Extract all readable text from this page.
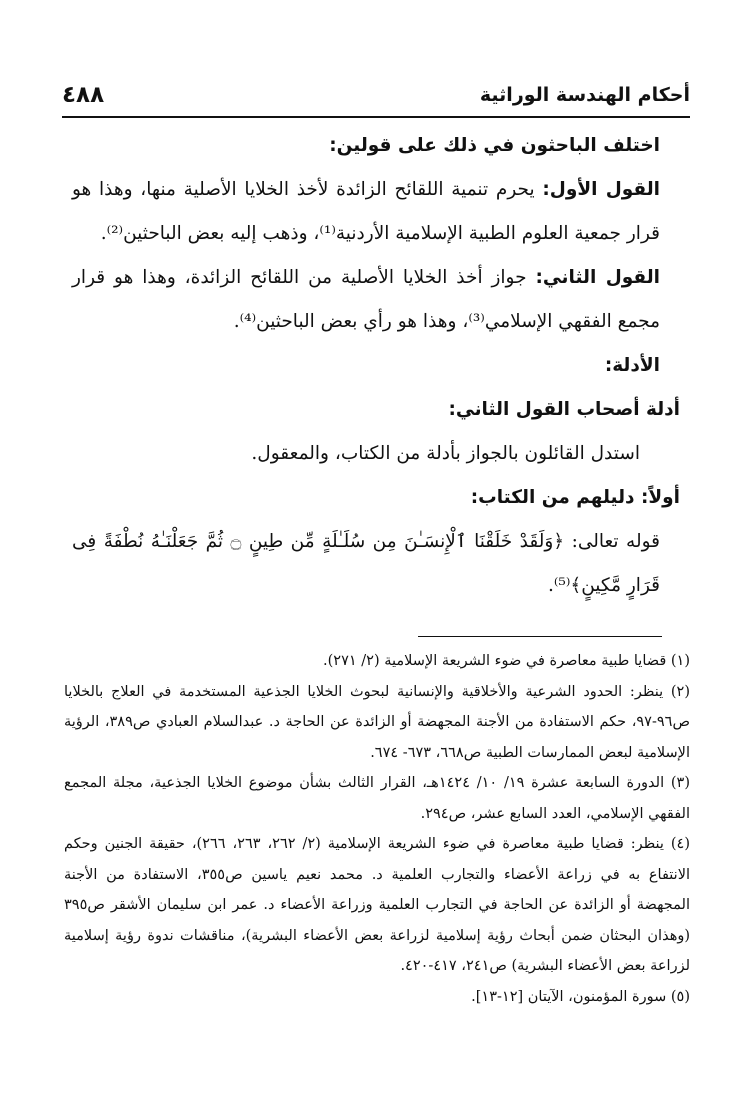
أحكام الهندسة الوراثية
٤٨٨

اختلف الباحثون في ذلك على قولين:

القول الأول: يحرم تنمية اللقائح الزائدة لأخذ الخلايا الأصلية منها، وهذا هو قرار جمعية العلوم الطبية الإسلامية الأردنية⁽¹⁾، وذهب إليه بعض الباحثين⁽²⁾.

القول الثاني: جواز أخذ الخلايا الأصلية من اللقائح الزائدة، وهذا هو قرار مجمع الفقهي الإسلامي⁽³⁾، وهذا هو رأي بعض الباحثين⁽⁴⁾.

الأدلة:

أدلة أصحاب القول الثاني:

استدل القائلون بالجواز بأدلة من الكتاب، والمعقول.

أولاً: دليلهم من الكتاب:

قوله تعالى: ﴿وَلَقَدْ خَلَقْنَا ٱلْإِنسَـٰنَ مِن سُلَـٰلَةٍ مِّن طِينٍ ۝ ثُمَّ جَعَلْنَـٰهُ نُطْفَةً فِى قَرَارٍ مَّكِينٍ﴾⁽⁵⁾.

(١) قضايا طبية معاصرة في ضوء الشريعة الإسلامية (٢/ ٢٧١).

(٢) ينظر: الحدود الشرعية والأخلاقية والإنسانية لبحوث الخلايا الجذعية المستخدمة في العلاج بالخلايا ص٩٦-٩٧، حكم الاستفادة من الأجنة المجهضة أو الزائدة عن الحاجة د. عبدالسلام العبادي ص٣٨٩، الرؤية الإسلامية لبعض الممارسات الطبية ص٦٦٨، ٦٧٣- ٦٧٤.

(٣) الدورة السابعة عشرة ١٩/ ١٠/ ١٤٢٤هـ، القرار الثالث بشأن موضوع الخلايا الجذعية، مجلة المجمع الفقهي الإسلامي، العدد السابع عشر، ص٢٩٤.

(٤) ينظر: قضايا طبية معاصرة في ضوء الشريعة الإسلامية (٢/ ٢٦٢، ٢٦٣، ٢٦٦)، حقيقة الجنين وحكم الانتفاع به في زراعة الأعضاء والتجارب العلمية د. محمد نعيم ياسين ص٣٥٥، الاستفادة من الأجنة المجهضة أو الزائدة عن الحاجة في التجارب العلمية وزراعة الأعضاء د. عمر ابن سليمان الأشقر ص٣٩٥ (وهذان البحثان ضمن أبحاث رؤية إسلامية لزراعة بعض الأعضاء البشرية)، مناقشات ندوة رؤية إسلامية لزراعة بعض الأعضاء البشرية) ص٢٤١، ٤١٧-٤٢٠.

(٥) سورة المؤمنون، الآيتان [١٢-١٣].
